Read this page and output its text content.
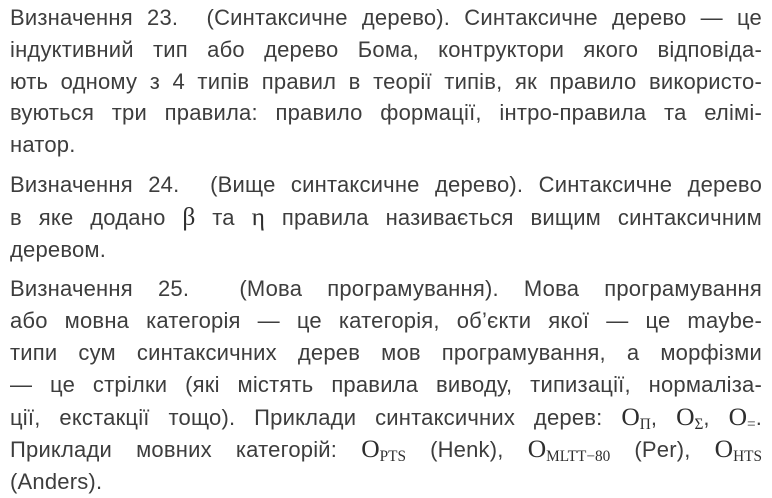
Визначення 23.  (Синтаксичне дерево). Синтаксичне дерево — це
індуктивний тип або дерево Бома, контруктори якого відповіда-
ють одному з 4 типів правил в теорії типів, як правило використо-
вуються три правила: правило формації, інтро-правила та елімі-
натор.
Визначення 24.  (Вище синтаксичне дерево). Синтаксичне дерево
в яке додано β та η правила називається вищим синтаксичним
деревом.
Визначення 25.  (Мова програмування). Мова програмування
або мовна категорія — це категорія, об’єкти якої — це maybe-
типи сум синтаксичних дерев мов програмування, а морфізми
— це стрілки (які містять правила виводу, типизації, нормаліза-
ції, екстакції тощо). Приклади синтаксичних дерев: $O_\Pi$, $O_\Sigma$, $O_=$.
Приклади мовних категорій: $O_{PTS}$ (Henk), $O_{MLTT-80}$ (Per), $O_{HTS}$
(Anders).
